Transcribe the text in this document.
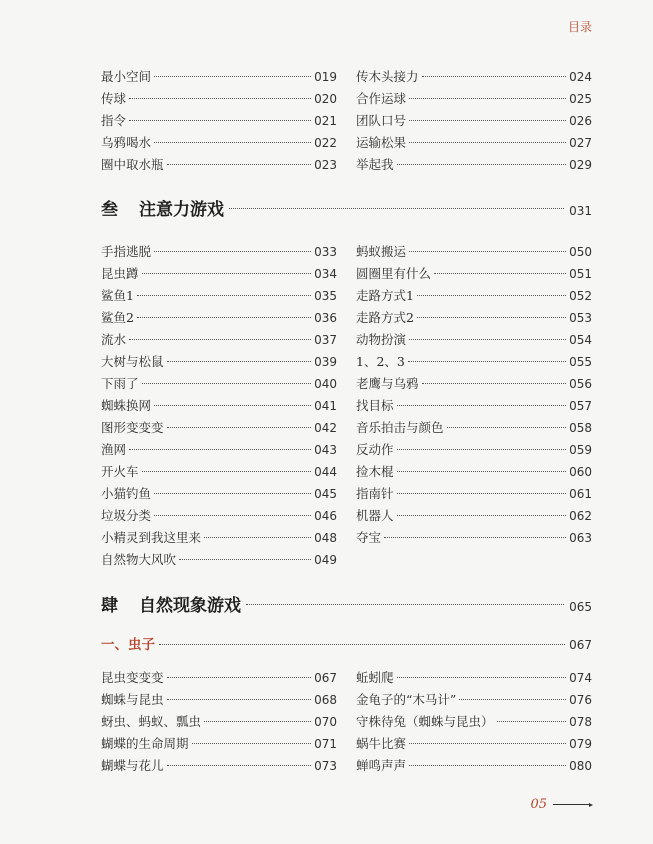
目录
最小空间	019
传球	020
指令	021
乌鸦喝水	022
圈中取水瓶	023
传木头接力	024
合作运球	025
团队口号	026
运输松果	027
举起我	029
叁	注意力游戏	031
手指逃脱	033
昆虫蹲	034
鲨鱼1	035
鲨鱼2	036
流水	037
大树与松鼠	039
下雨了	040
蜘蛛换网	041
图形变变变	042
渔网	043
开火车	044
小猫钓鱼	045
垃圾分类	046
小精灵到我这里来	048
自然物大风吹	049
蚂蚁搬运	050
圆圈里有什么	051
走路方式1	052
走路方式2	053
动物扮演	054
1、2、3	055
老鹰与乌鸦	056
找目标	057
音乐拍击与颜色	058
反动作	059
捡木棍	060
指南针	061
机器人	062
夺宝	063
肆	自然现象游戏	065
一、虫子	067
昆虫变变变	067
蜘蛛与昆虫	068
蚜虫、蚂蚁、瓢虫	070
蝴蝶的生命周期	071
蝴蝶与花儿	073
蚯蚓爬	074
金龟子的“木马计”	076
守株待兔（蜘蛛与昆虫）	078
蜗牛比赛	079
蝉鸣声声	080
05
